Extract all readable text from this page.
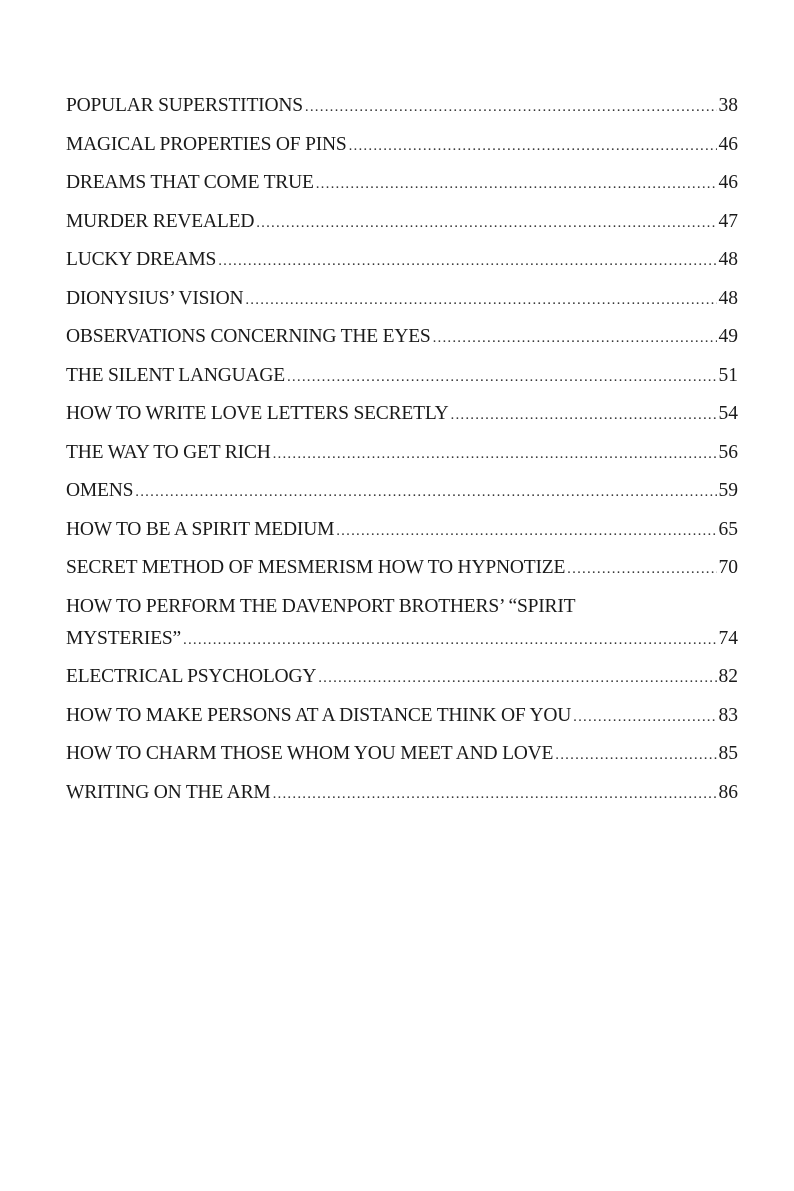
POPULAR SUPERSTITIONS .....	38
MAGICAL PROPERTIES OF PINS .....	46
DREAMS THAT COME TRUE .....	46
MURDER REVEALED .....	47
LUCKY DREAMS .....	48
DIONYSIUS’ VISION .....	48
OBSERVATIONS CONCERNING THE EYES .....	49
THE SILENT LANGUAGE .....	51
HOW TO WRITE LOVE LETTERS SECRETLY .....	54
THE WAY TO GET RICH .....	56
OMENS .....	59
HOW TO BE A SPIRIT MEDIUM .....	65
SECRET METHOD OF MESMERISM HOW TO HYPNOTIZE .....	70
HOW TO PERFORM THE DAVENPORT BROTHERS’ “SPIRIT
MYSTERIES” .....	74
ELECTRICAL PSYCHOLOGY .....	82
HOW TO MAKE PERSONS AT A DISTANCE THINK OF YOU .....	83
HOW TO CHARM THOSE WHOM YOU MEET AND LOVE .....	85
WRITING ON THE ARM .....	86
